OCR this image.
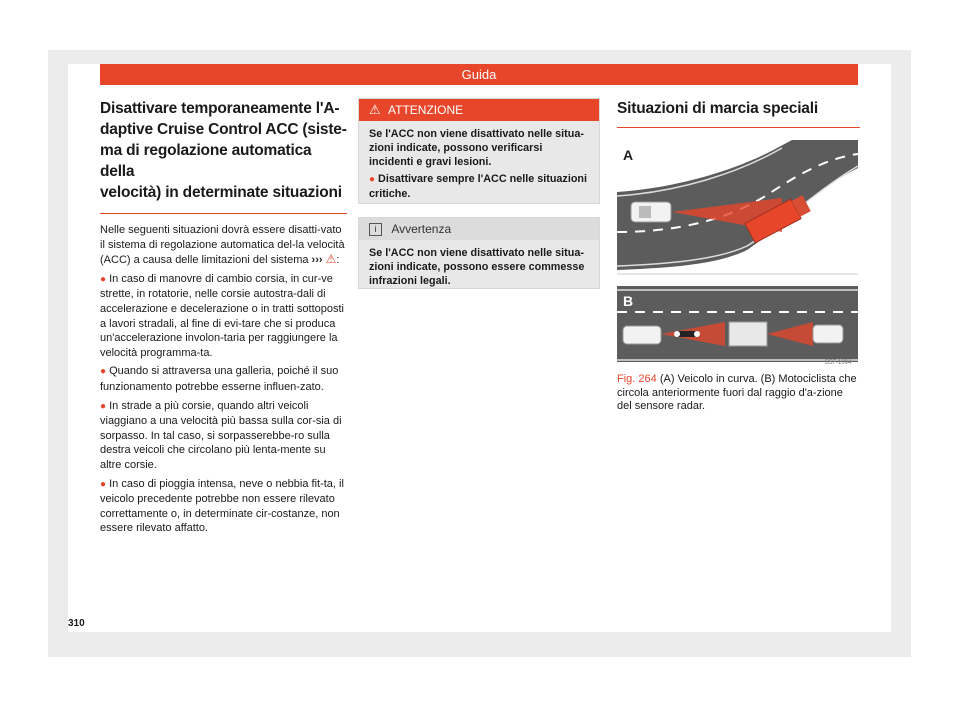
Guida
Disattivare temporaneamente l'A-
daptive Cruise Control ACC (siste-
ma di regolazione automatica della
velocità) in determinate situazioni

Nelle seguenti situazioni dovrà essere disatti-vato il sistema di regolazione automatica del-la velocità (ACC) a causa delle limitazioni del sistema ››› ⚠:

● In caso di manovre di cambio corsia, in cur-ve strette, in rotatorie, nelle corsie autostra-dali di accelerazione e decelerazione o in tratti sottoposti a lavori stradali, al fine di evi-tare che si produca un'accelerazione involon-taria per raggiungere la velocità programma-ta.

● Quando si attraversa una galleria, poiché il suo funzionamento potrebbe esserne influen-zato.

● In strade a più corsie, quando altri veicoli viaggiano a una velocità più bassa sulla cor-sia di sorpasso. In tal caso, si sorpasserebbe-ro sulla destra veicoli che circolano più lenta-mente su altre corsie.

● In caso di pioggia intensa, neve o nebbia fit-ta, il veicolo precedente potrebbe non essere rilevato correttamente o, in determinate cir-costanze, non essere rilevato affatto.

⚠ ATTENZIONE

Se l'ACC non viene disattivato nelle situa-zioni indicate, possono verificarsi incidenti e gravi lesioni.

● Disattivare sempre l'ACC nelle situazioni critiche.

i Avvertenza

Se l'ACC non viene disattivato nelle situa-zioni indicate, possono essere commesse infrazioni legali.

Situazioni di marcia speciali
A
B
B5F-1094
Fig. 264 (A) Veicolo in curva. (B) Motociclista che circola anteriormente fuori dal raggio d'a-zione del sensore radar.
310
